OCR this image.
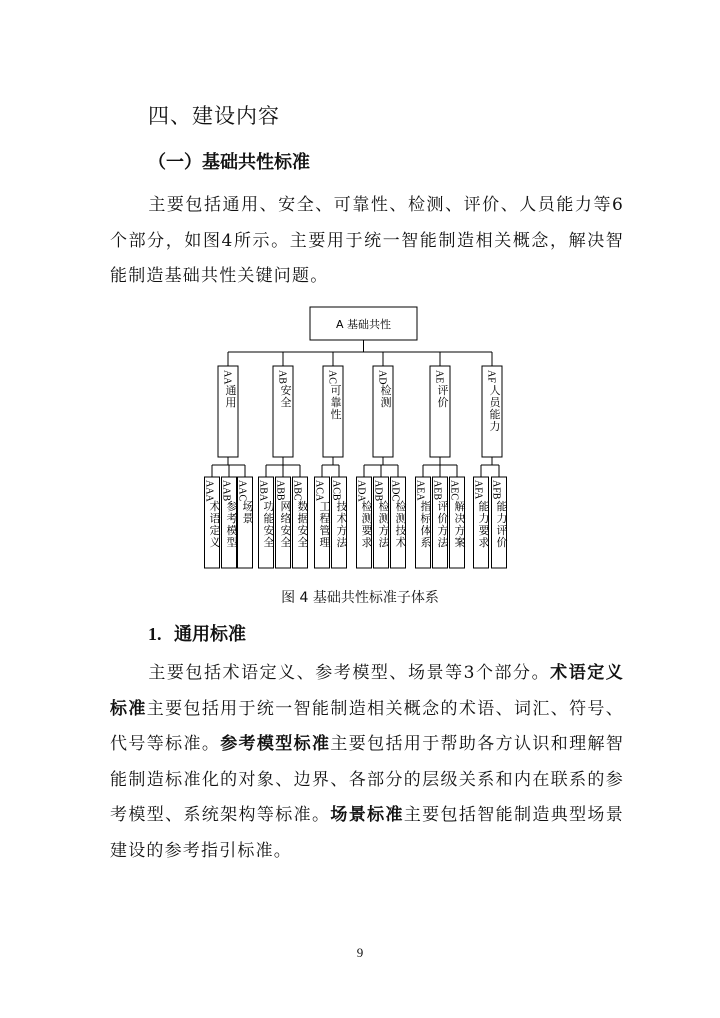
四、建设内容
（一）基础共性标准
主要包括通用、安全、可靠性、检测、评价、人员能力等6个部分，如图4所示。主要用于统一智能制造相关概念，解决智能制造基础共性关键问题。
A 基础共性
AA
通用
AAA
术语定义
AAB
参考模型
AAC
场景
AB
安全
ABA
功能安全
ABB
网络安全
ABC
数据安全
AC
可靠性
ACA
工程管理
ACB
技术方法
AD
检测
ADA
检测要求
ADB
检测方法
ADC
检测技术
AE
评价
AEA
指标体系
AEB
评价方法
AEC
解决方案
AF
人员能力
AFA
能力要求
AFB
能力评价
图 4 基础共性标准子体系
1. 通用标准
主要包括术语定义、参考模型、场景等3个部分。术语定义标准主要包括用于统一智能制造相关概念的术语、词汇、符号、代号等标准。参考模型标准主要包括用于帮助各方认识和理解智能制造标准化的对象、边界、各部分的层级关系和内在联系的参考模型、系统架构等标准。场景标准主要包括智能制造典型场景建设的参考指引标准。
9
